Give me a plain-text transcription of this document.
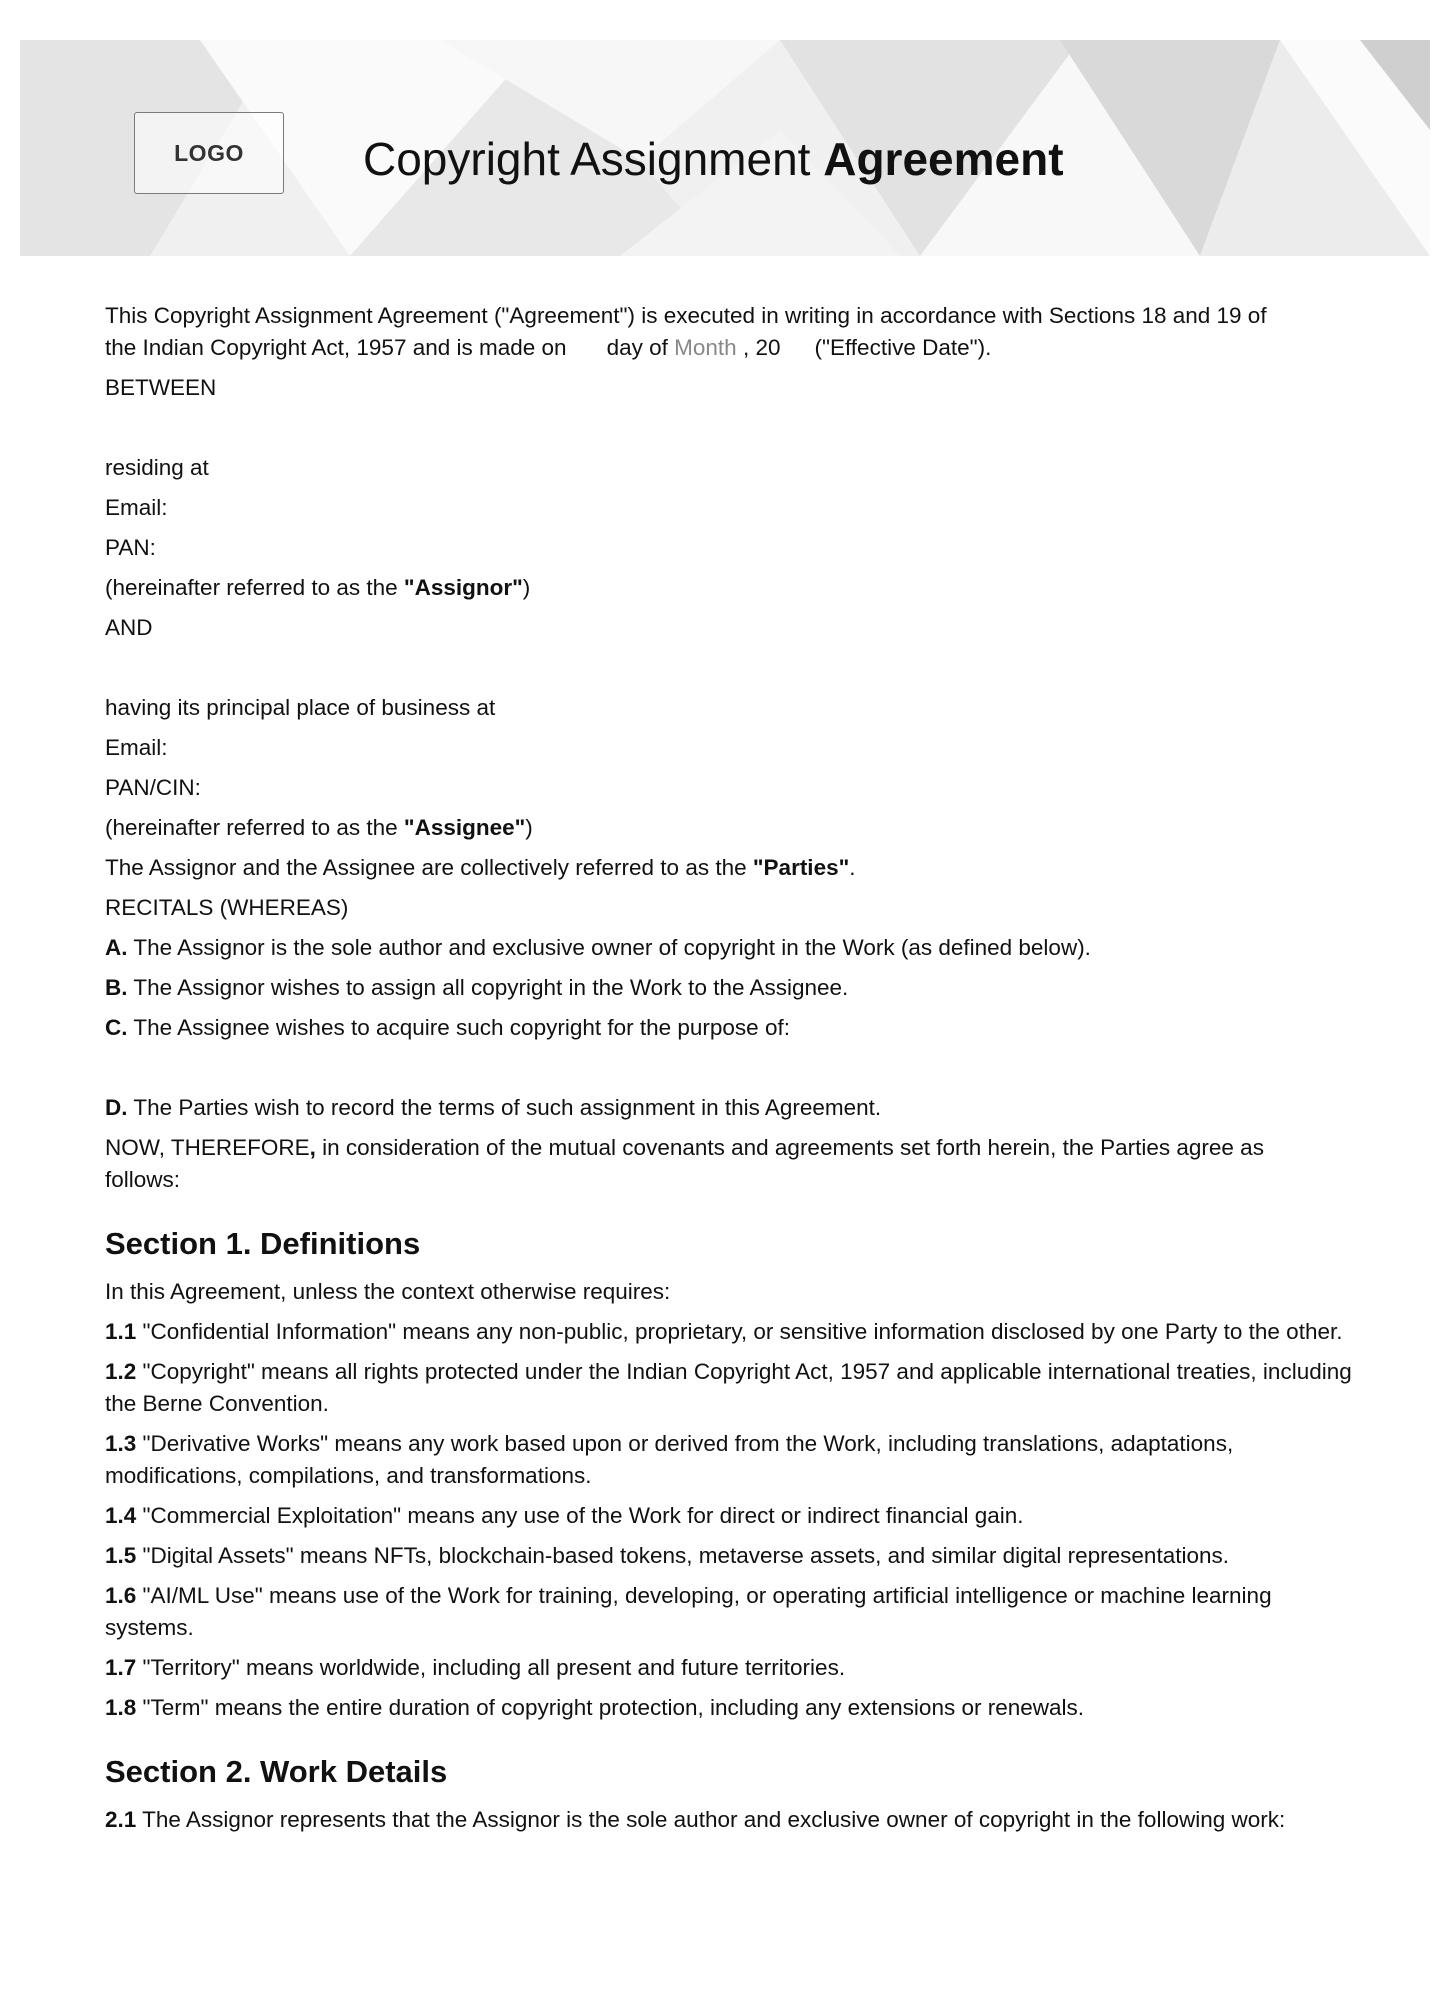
LOGO	Copyright Assignment Agreement

This Copyright Assignment Agreement ("Agreement") is executed in writing in accordance with Sections 18 and 19 of
the Indian Copyright Act, 1957 and is made on day of Month , 20 ("Effective Date").

BETWEEN

residing at

Email:

PAN:

(hereinafter referred to as the "Assignor")

AND

having its principal place of business at

Email:

PAN/CIN:

(hereinafter referred to as the "Assignee")

The Assignor and the Assignee are collectively referred to as the "Parties".

RECITALS (WHEREAS)

A. The Assignor is the sole author and exclusive owner of copyright in the Work (as defined below).

B. The Assignor wishes to assign all copyright in the Work to the Assignee.

C. The Assignee wishes to acquire such copyright for the purpose of:

D. The Parties wish to record the terms of such assignment in this Agreement.

NOW, THEREFORE, in consideration of the mutual covenants and agreements set forth herein, the Parties agree as
follows:

Section 1. Definitions

In this Agreement, unless the context otherwise requires:

1.1 "Confidential Information" means any non-public, proprietary, or sensitive information disclosed by one Party to the other.

1.2 "Copyright" means all rights protected under the Indian Copyright Act, 1957 and applicable international treaties, including the Berne Convention.

1.3 "Derivative Works" means any work based upon or derived from the Work, including translations, adaptations, modifications, compilations, and transformations.

1.4 "Commercial Exploitation" means any use of the Work for direct or indirect financial gain.

1.5 "Digital Assets" means NFTs, blockchain-based tokens, metaverse assets, and similar digital representations.

1.6 "AI/ML Use" means use of the Work for training, developing, or operating artificial intelligence or machine learning systems.

1.7 "Territory" means worldwide, including all present and future territories.

1.8 "Term" means the entire duration of copyright protection, including any extensions or renewals.

Section 2. Work Details

2.1 The Assignor represents that the Assignor is the sole author and exclusive owner of copyright in the following work:
